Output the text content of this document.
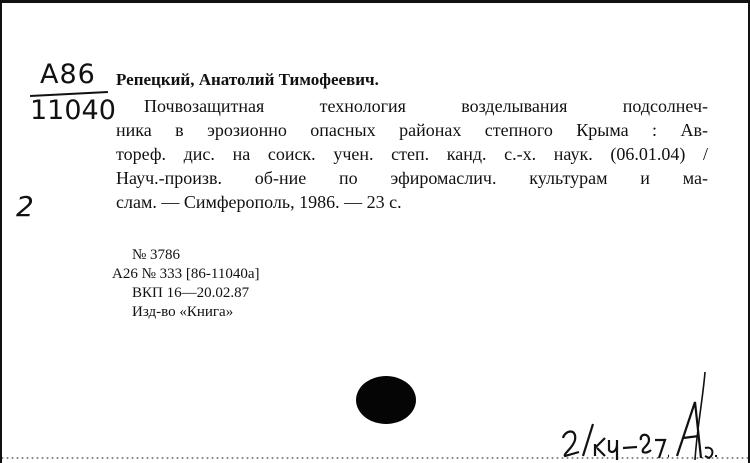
А86
11040
2
Репецкий, Анатолий Тимофеевич.
Почвозащитная технология возделывания подсолнеч-
ника в эрозионно опасных районах степного Крыма : Ав-
тореф. дис. на соиск. учен. степ. канд. с.-х. наук. (06.01.04) /
Науч.-произв. об-ние по эфиромаслич. культурам и ма-
слам. — Симферополь, 1986. — 23 с.
№ 3786
А26 № 333 [86-11040а]
ВКП 16—20.02.87
Изд-во «Книга»
